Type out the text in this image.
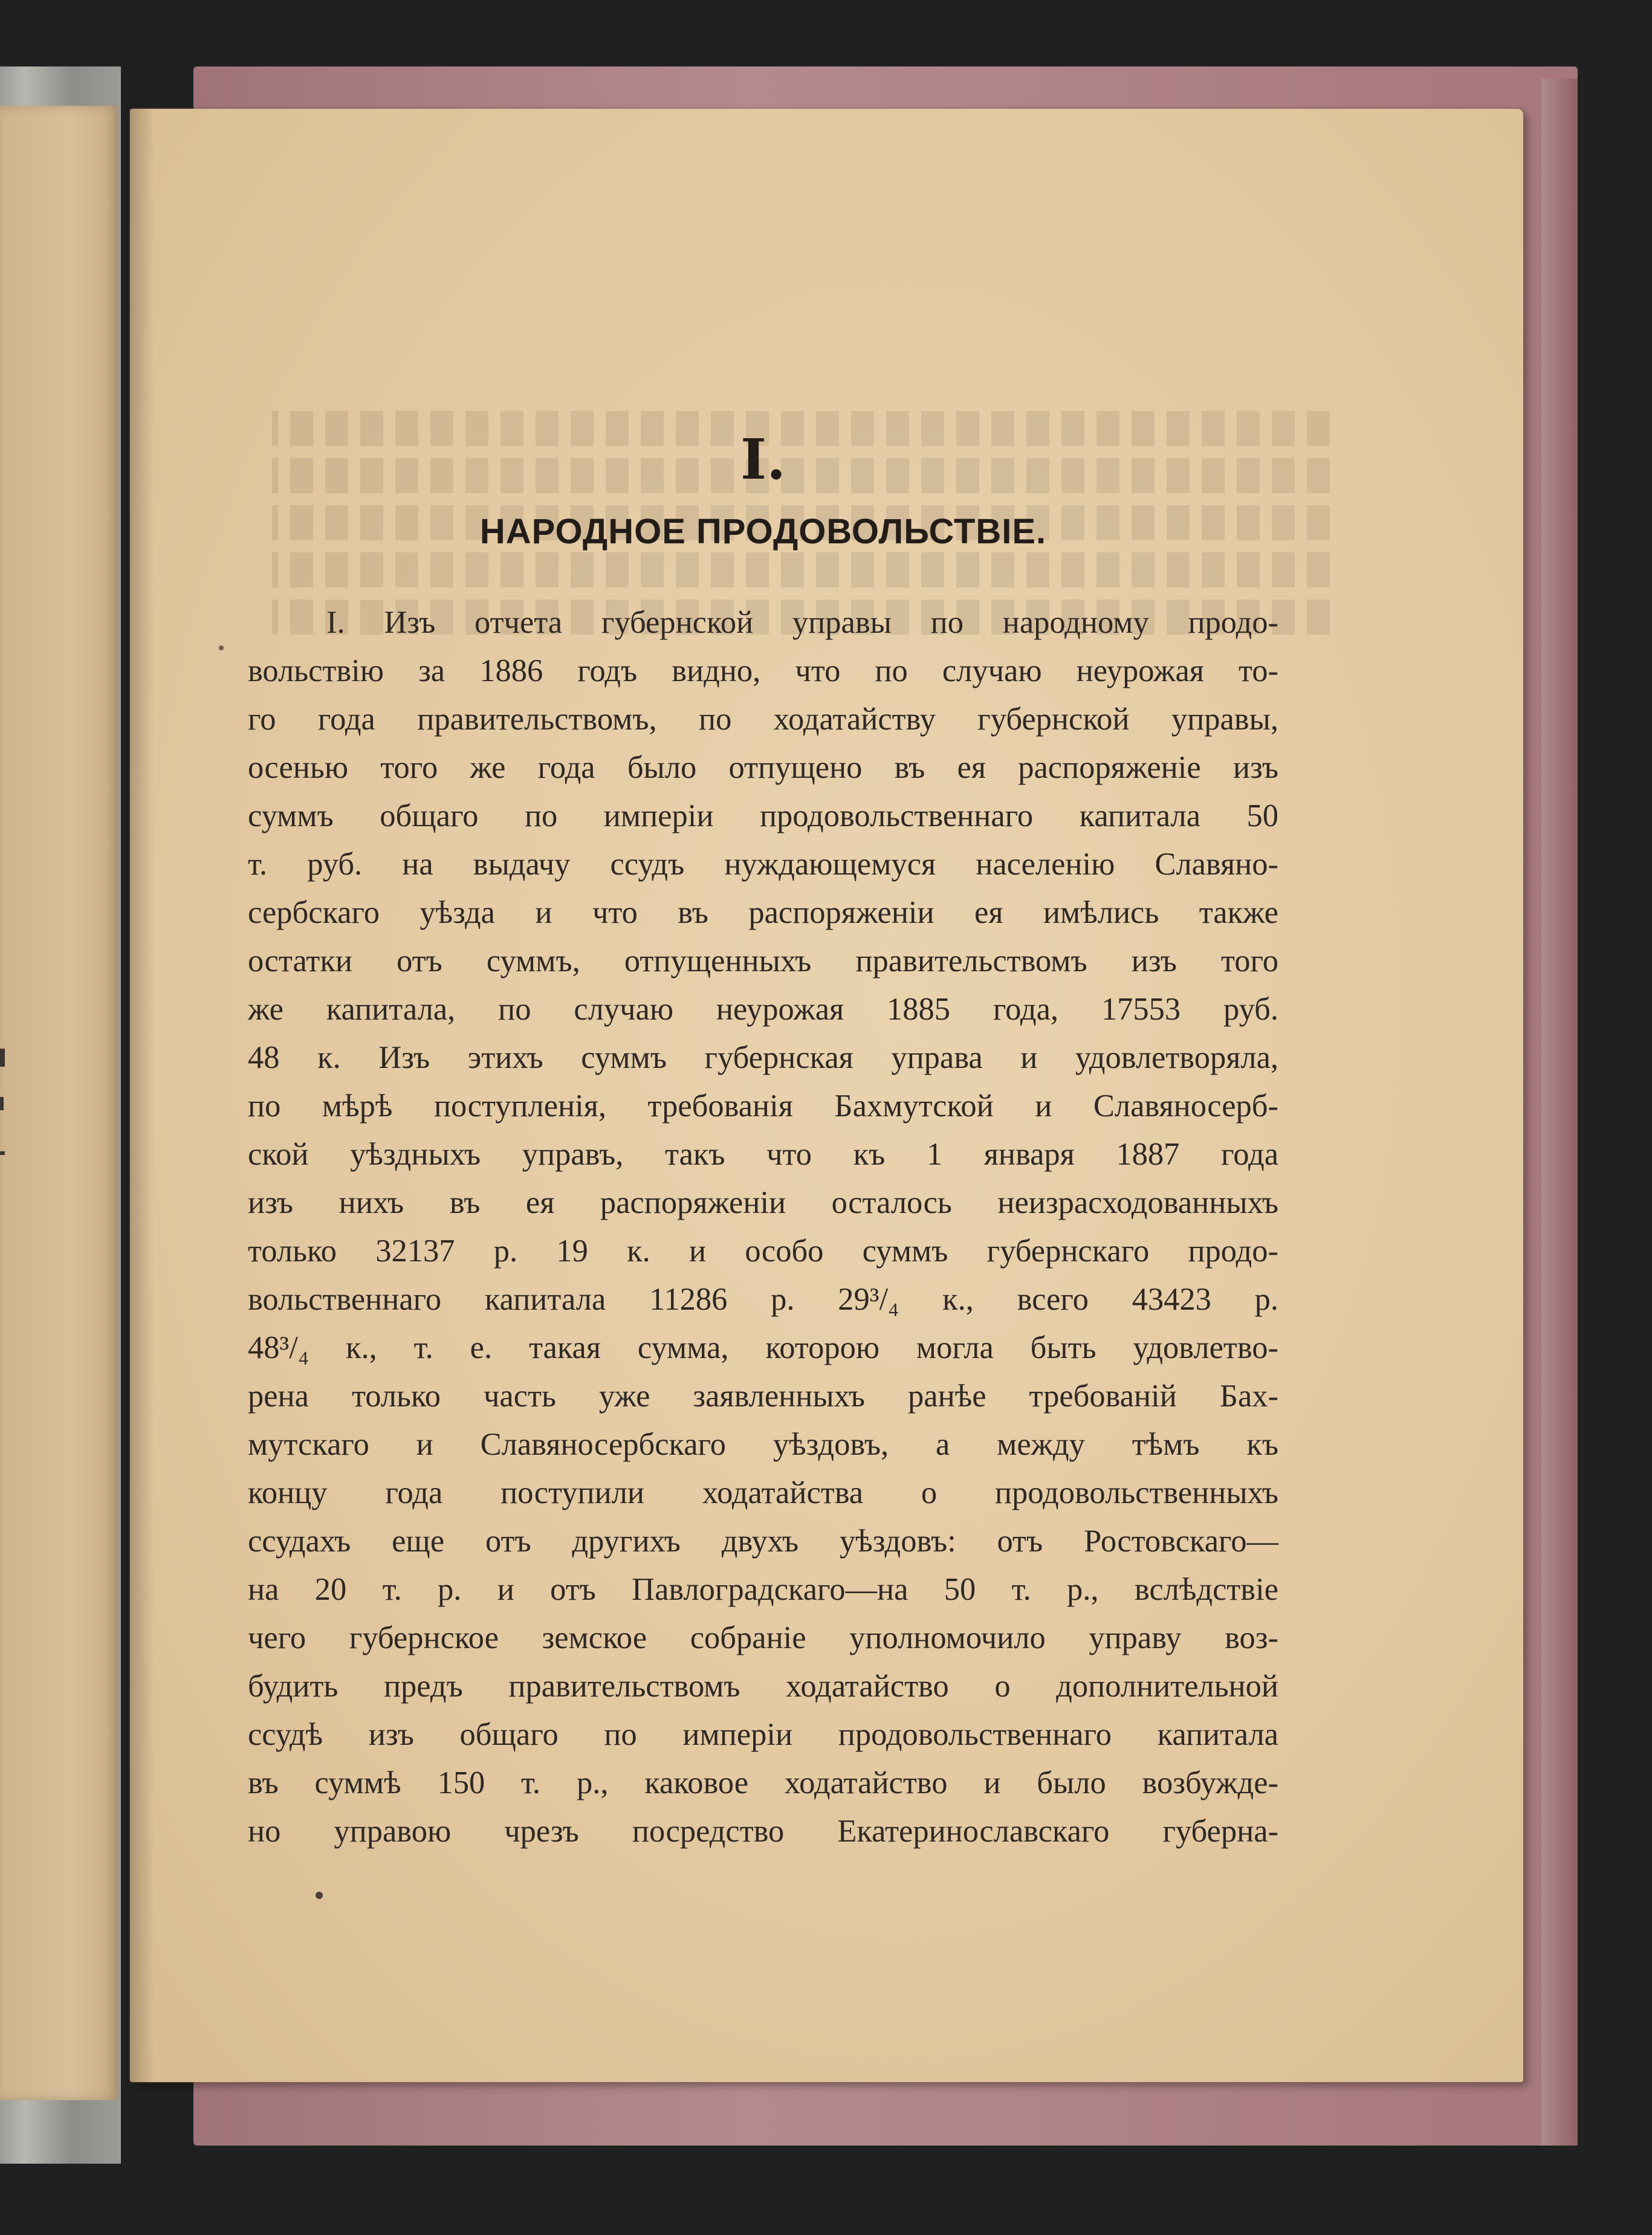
I.
НАРОДНОЕ ПРОДОВОЛЬСТВІЕ.
I. Изъ отчета губернской управы по народному продо-
вольствію за 1886 годъ видно, что по случаю неурожая то-
го года правительствомъ, по ходатайству губернской управы,
осенью того же года было отпущено въ ея распоряженіе изъ
суммъ общаго по имперіи продовольственнаго капитала 50
т. руб. на выдачу ссудъ нуждающемуся населенію Славяно-
сербскаго уѣзда и что въ распоряженіи ея имѣлись также
остатки отъ суммъ, отпущенныхъ правительствомъ изъ того
же капитала, по случаю неурожая 1885 года, 17553 руб.
48 к. Изъ этихъ суммъ губернская управа и удовлетворяла,
по мѣрѣ поступленія, требованія Бахмутской и Славяносерб-
ской уѣздныхъ управъ, такъ что къ 1 января 1887 года
изъ нихъ въ ея распоряженіи осталось неизрасходованныхъ
только 32137 р. 19 к. и особо суммъ губернскаго продо-
вольственнаго капитала 11286 р. 29³/₄ к., всего 43423 р.
48³/₄ к., т. е. такая сумма, которою могла быть удовлетво-
рена только часть уже заявленныхъ ранѣе требованій Бах-
мутскаго и Славяносербскаго уѣздовъ, а между тѣмъ къ
концу года поступили ходатайства о продовольственныхъ
ссудахъ еще отъ другихъ двухъ уѣздовъ: отъ Ростовскаго—
на 20 т. р. и отъ Павлоградскаго—на 50 т. р., вслѣдствіе
чего губернское земское собраніе уполномочило управу воз-
будить предъ правительствомъ ходатайство о дополнительной
ссудѣ изъ общаго по имперіи продовольственнаго капитала
въ суммѣ 150 т. р., каковое ходатайство и было возбужде-
но управою чрезъ посредство Екатеринославскаго губерна-
